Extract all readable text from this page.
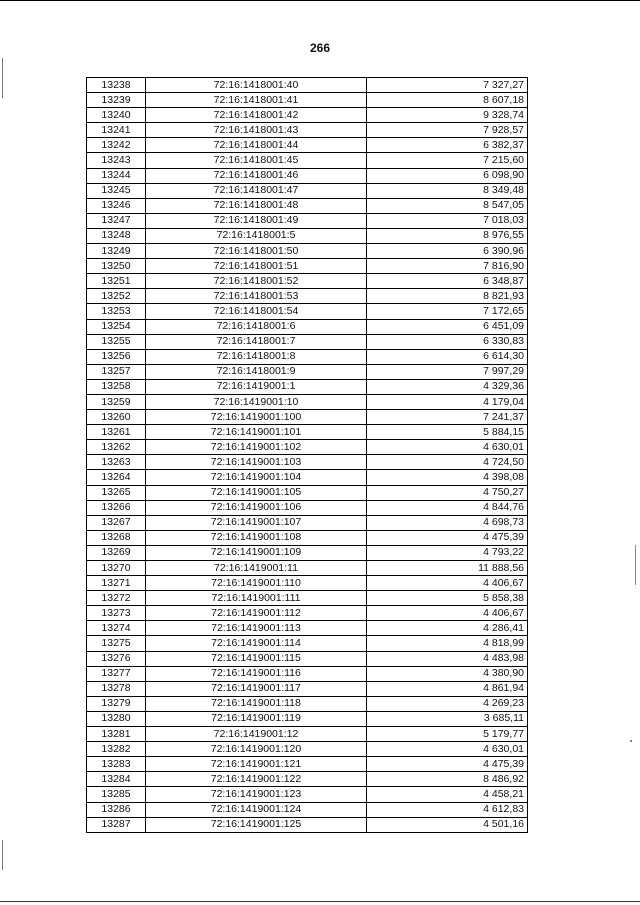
266
13238	72:16:1418001:40	7 327,27
13239	72:16:1418001:41	8 607,18
13240	72:16:1418001:42	9 328,74
13241	72:16:1418001:43	7 928,57
13242	72:16:1418001:44	6 382,37
13243	72:16:1418001:45	7 215,60
13244	72:16:1418001:46	6 098,90
13245	72:16:1418001:47	8 349,48
13246	72:16:1418001:48	8 547,05
13247	72:16:1418001:49	7 018,03
13248	72:16:1418001:5	8 976,55
13249	72:16:1418001:50	6 390,96
13250	72:16:1418001:51	7 816,90
13251	72:16:1418001:52	6 348,87
13252	72:16:1418001:53	8 821,93
13253	72:16:1418001:54	7 172,65
13254	72:16:1418001:6	6 451,09
13255	72:16:1418001:7	6 330,83
13256	72:16:1418001:8	6 614,30
13257	72:16:1418001:9	7 997,29
13258	72:16:1419001:1	4 329,36
13259	72:16:1419001:10	4 179,04
13260	72:16:1419001:100	7 241,37
13261	72:16:1419001:101	5 884,15
13262	72:16:1419001:102	4 630,01
13263	72:16:1419001:103	4 724,50
13264	72:16:1419001:104	4 398,08
13265	72:16:1419001:105	4 750,27
13266	72:16:1419001:106	4 844,76
13267	72:16:1419001:107	4 698,73
13268	72:16:1419001:108	4 475,39
13269	72:16:1419001:109	4 793,22
13270	72:16:1419001:11	11 888,56
13271	72:16:1419001:110	4 406,67
13272	72:16:1419001:111	5 858,38
13273	72:16:1419001:112	4 406,67
13274	72:16:1419001:113	4 286,41
13275	72:16:1419001:114	4 818,99
13276	72:16:1419001:115	4 483,98
13277	72:16:1419001:116	4 380,90
13278	72:16:1419001:117	4 861,94
13279	72:16:1419001:118	4 269,23
13280	72:16:1419001:119	3 685,11
13281	72:16:1419001:12	5 179,77
13282	72:16:1419001:120	4 630,01
13283	72:16:1419001:121	4 475,39
13284	72:16:1419001:122	8 486,92
13285	72:16:1419001:123	4 458,21
13286	72:16:1419001:124	4 612,83
13287	72:16:1419001:125	4 501,16
